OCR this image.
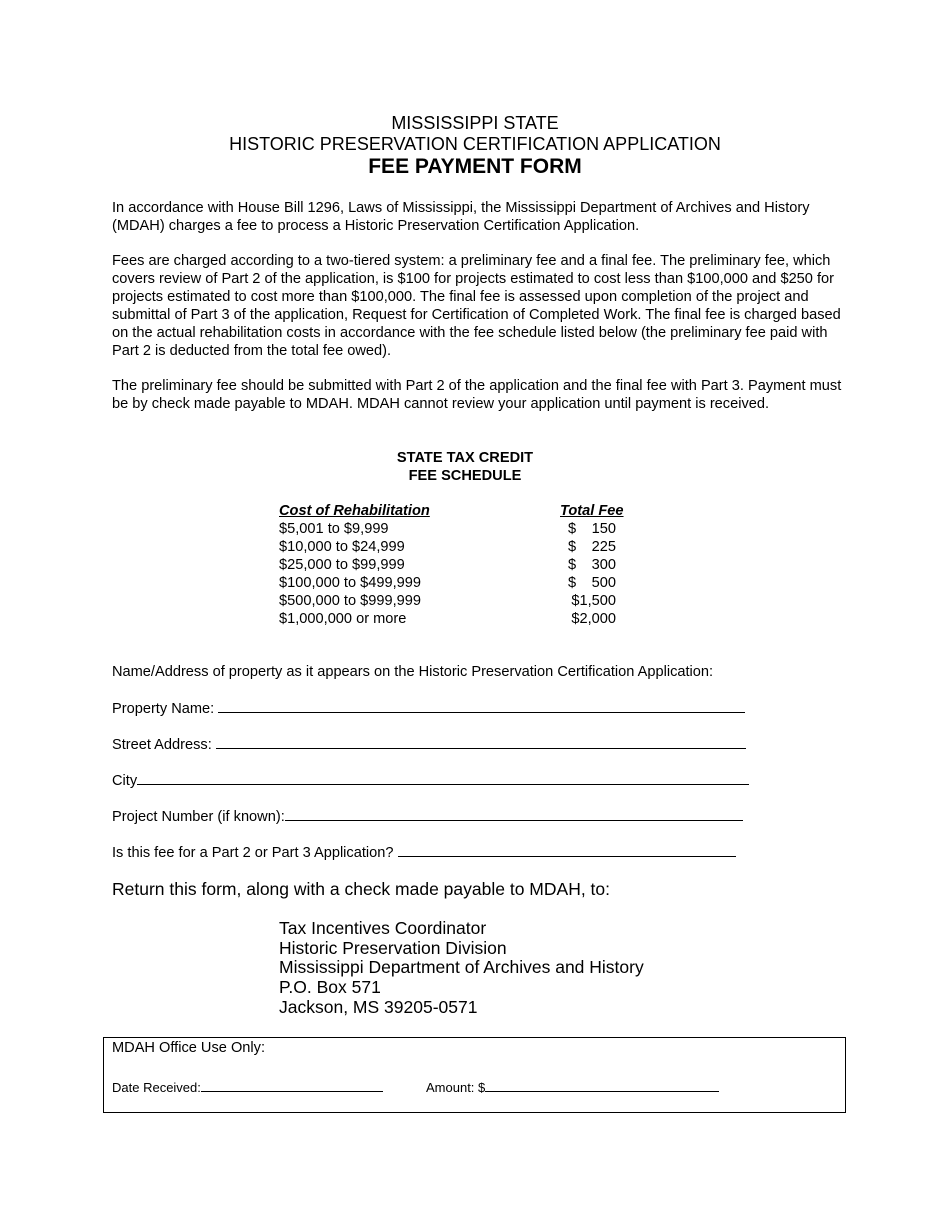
MISSISSIPPI STATE
HISTORIC PRESERVATION CERTIFICATION APPLICATION
FEE PAYMENT FORM

In accordance with House Bill 1296, Laws of Mississippi, the Mississippi Department of Archives and History (MDAH) charges a fee to process a Historic Preservation Certification Application.

Fees are charged according to a two-tiered system: a preliminary fee and a final fee. The preliminary fee, which covers review of Part 2 of the application, is $100 for projects estimated to cost less than $100,000 and $250 for projects estimated to cost more than $100,000. The final fee is assessed upon completion of the project and submittal of Part 3 of the application, Request for Certification of Completed Work. The final fee is charged based on the actual rehabilitation costs in accordance with the fee schedule listed below (the preliminary fee paid with Part 2 is deducted from the total fee owed).

The preliminary fee should be submitted with Part 2 of the application and the final fee with Part 3. Payment must be by check made payable to MDAH. MDAH cannot review your application until payment is received.

STATE TAX CREDIT
FEE SCHEDULE
Cost of Rehabilitation	Total Fee
$5,001 to $9,999	$ 150
$10,000 to $24,999	$ 225
$25,000 to $99,999	$ 300
$100,000 to $499,999	$ 500
$500,000 to $999,999	$1,500
$1,000,000 or more	$2,000
Name/Address of property as it appears on the Historic Preservation Certification Application:
Property Name:
Street Address:
City
Project Number (if known):
Is this fee for a Part 2 or Part 3 Application?
Return this form, along with a check made payable to MDAH, to:
Tax Incentives Coordinator
Historic Preservation Division
Mississippi Department of Archives and History
P.O. Box 571
Jackson, MS 39205-0571
MDAH Office Use Only:
Date Received:	Amount: $
